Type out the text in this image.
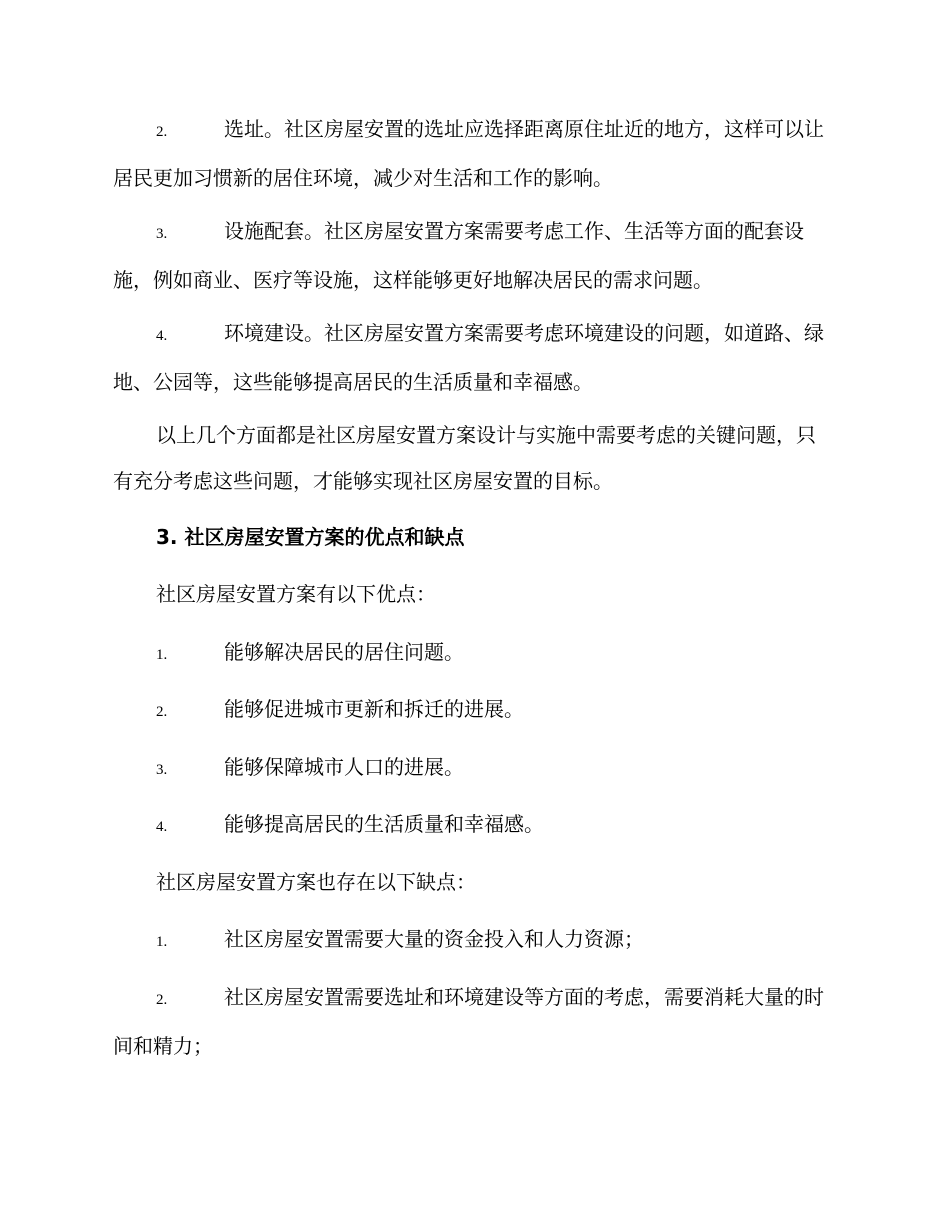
2.	选址。社区房屋安置的选址应选择距离原住址近的地方，这样可以让居民更加习惯新的居住环境，减少对生活和工作的影响。

3.	设施配套。社区房屋安置方案需要考虑工作、生活等方面的配套设施，例如商业、医疗等设施，这样能够更好地解决居民的需求问题。

4.	环境建设。社区房屋安置方案需要考虑环境建设的问题，如道路、绿地、公园等，这些能够提高居民的生活质量和幸福感。

以上几个方面都是社区房屋安置方案设计与实施中需要考虑的关键问题，只有充分考虑这些问题，才能够实现社区房屋安置的目标。

3. 社区房屋安置方案的优点和缺点

社区房屋安置方案有以下优点：

1.	能够解决居民的居住问题。

2.	能够促进城市更新和拆迁的进展。

3.	能够保障城市人口的进展。

4.	能够提高居民的生活质量和幸福感。

社区房屋安置方案也存在以下缺点：

1.	社区房屋安置需要大量的资金投入和人力资源；

2.	社区房屋安置需要选址和环境建设等方面的考虑，需要消耗大量的时间和精力；
